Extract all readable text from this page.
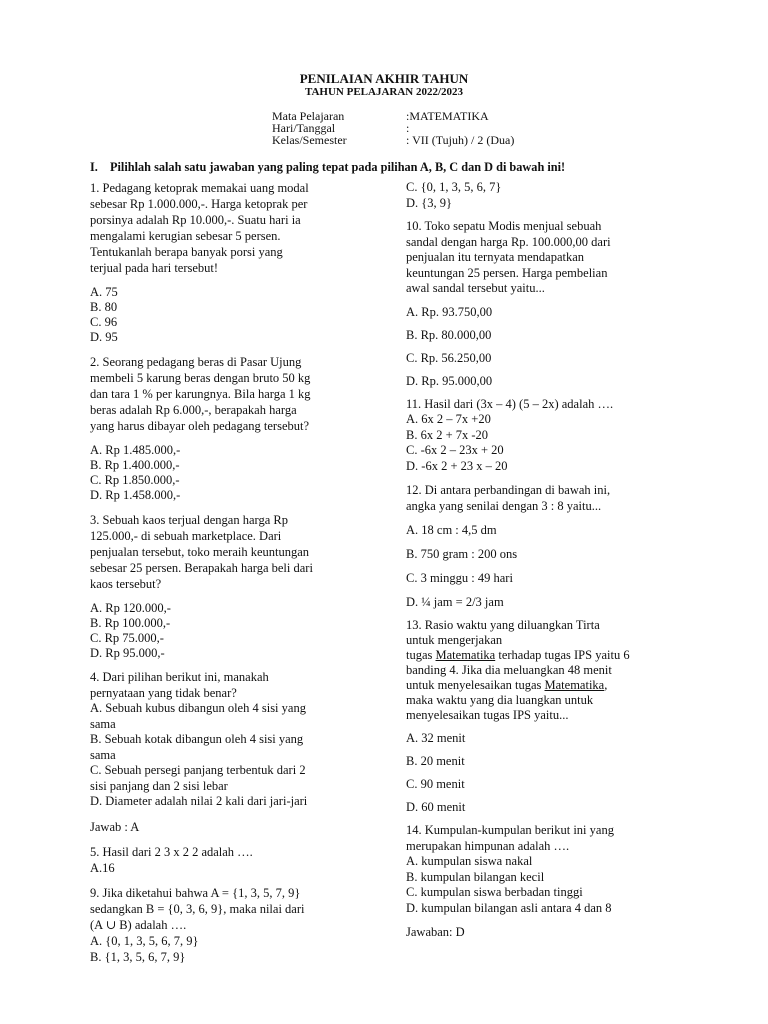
PENILAIAN AKHIR TAHUN
TAHUN PELAJARAN 2022/2023
Mata Pelajaran	:MATEMATIKA
Hari/Tanggal	:
Kelas/Semester	: VII (Tujuh) / 2 (Dua)
I. Pilihlah salah satu jawaban yang paling tepat pada pilihan A, B, C dan D di bawah ini!
1. Pedagang ketoprak memakai uang modal
sebesar Rp 1.000.000,-. Harga ketoprak per
porsinya adalah Rp 10.000,-. Suatu hari ia
mengalami kerugian sebesar 5 persen.
Tentukanlah berapa banyak porsi yang
terjual pada hari tersebut!
A. 75
B. 80
C. 96
D. 95
2. Seorang pedagang beras di Pasar Ujung
membeli 5 karung beras dengan bruto 50 kg
dan tara 1 % per karungnya. Bila harga 1 kg
beras adalah Rp 6.000,-, berapakah harga
yang harus dibayar oleh pedagang tersebut?
A. Rp 1.485.000,-
B. Rp 1.400.000,-
C. Rp 1.850.000,-
D. Rp 1.458.000,-
3. Sebuah kaos terjual dengan harga Rp
125.000,- di sebuah marketplace. Dari
penjualan tersebut, toko meraih keuntungan
sebesar 25 persen. Berapakah harga beli dari
kaos tersebut?
A. Rp 120.000,-
B. Rp 100.000,-
C. Rp 75.000,-
D. Rp 95.000,-
4. Dari pilihan berikut ini, manakah
pernyataan yang tidak benar?
A. Sebuah kubus dibangun oleh 4 sisi yang
sama
B. Sebuah kotak dibangun oleh 4 sisi yang
sama
C. Sebuah persegi panjang terbentuk dari 2
sisi panjang dan 2 sisi lebar
D. Diameter adalah nilai 2 kali dari jari-jari
Jawab : A
5. Hasil dari 2 3 x 2 2 adalah ….
A.16
9. Jika diketahui bahwa A = {1, 3, 5, 7, 9}
sedangkan B = {0, 3, 6, 9}, maka nilai dari
(A ∪ B) adalah ….
A. {0, 1, 3, 5, 6, 7, 9}
B. {1, 3, 5, 6, 7, 9}
C. {0, 1, 3, 5, 6, 7}
D. {3, 9}
10. Toko sepatu Modis menjual sebuah
sandal dengan harga Rp. 100.000,00 dari
penjualan itu ternyata mendapatkan
keuntungan 25 persen. Harga pembelian
awal sandal tersebut yaitu...
A. Rp. 93.750,00
B. Rp. 80.000,00
C. Rp. 56.250,00
D. Rp. 95.000,00
11. Hasil dari (3x – 4) (5 – 2x) adalah ….
A. 6x 2 – 7x +20
B. 6x 2 + 7x -20
C. -6x 2 – 23x + 20
D. -6x 2 + 23 x – 20
12. Di antara perbandingan di bawah ini,
angka yang senilai dengan 3 : 8 yaitu...
A. 18 cm : 4,5 dm
B. 750 gram : 200 ons
C. 3 minggu : 49 hari
D. ¼ jam = 2/3 jam
13. Rasio waktu yang diluangkan Tirta
untuk mengerjakan
tugas Matematika terhadap tugas IPS yaitu 6
banding 4. Jika dia meluangkan 48 menit
untuk menyelesaikan tugas Matematika,
maka waktu yang dia luangkan untuk
menyelesaikan tugas IPS yaitu...
A. 32 menit
B. 20 menit
C. 90 menit
D. 60 menit
14. Kumpulan-kumpulan berikut ini yang
merupakan himpunan adalah ….
A. kumpulan siswa nakal
B. kumpulan bilangan kecil
C. kumpulan siswa berbadan tinggi
D. kumpulan bilangan asli antara 4 dan 8
Jawaban: D
